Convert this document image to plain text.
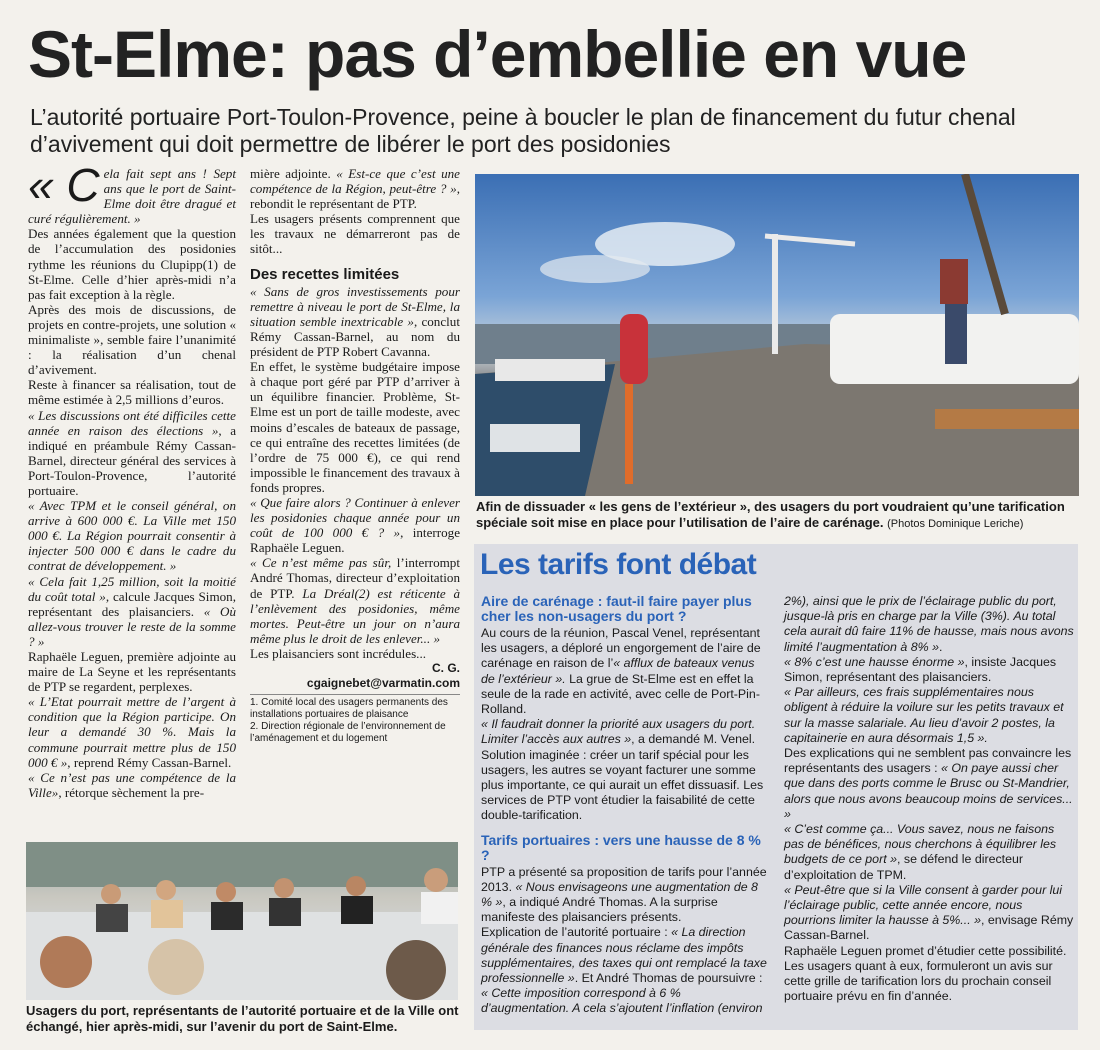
St-Elme: pas d’embellie en vue
L’autorité portuaire Port-Toulon-Provence, peine à boucler le plan de financement du futur chenal d’avivement qui doit permettre de libérer le port des posidonies

« C ela fait sept ans ! Sept ans que le port de Saint-Elme doit être dragué et curé régulièrement. »

Des années également que la question de l’accumulation des posidonies rythme les réunions du Clupipp(1) de St-Elme. Celle d’hier après-midi n’a pas fait exception à la règle.

Après des mois de discussions, de projets en contre-projets, une solution « minimaliste », semble faire l’unanimité : la réalisation d’un chenal d’avivement.

Reste à financer sa réalisation, tout de même estimée à 2,5 millions d’euros.

« Les discussions ont été difficiles cette année en raison des élections », a indiqué en préambule Rémy Cassan-Barnel, directeur général des services à Port-Toulon-Provence, l’autorité portuaire.

« Avec TPM et le conseil général, on arrive à 600 000 €. La Ville met 150 000 €. La Région pourrait consentir à injecter 500 000 € dans le cadre du contrat de développement. »

« Cela fait 1,25 million, soit la moitié du coût total », calcule Jacques Simon, représentant des plaisanciers. « Où allez-vous trouver le reste de la somme ? »

Raphaële Leguen, première adjointe au maire de La Seyne et les représentants de PTP se regardent, perplexes.

« L’Etat pourrait mettre de l’argent à condition que la Région participe. On leur a demandé 30 %. Mais la commune pourrait mettre plus de 150 000 € », reprend Rémy Cassan-Barnel.

« Ce n’est pas une compétence de la Ville», rétorque sèchement la pre-

mière adjointe. « Est-ce que c’est une compétence de la Région, peut-être ? », rebondit le représentant de PTP.

Les usagers présents comprennent que les travaux ne démarreront pas de sitôt...

Des recettes limitées

« Sans de gros investissements pour remettre à niveau le port de St-Elme, la situation semble inextricable », conclut Rémy Cassan-Barnel, au nom du président de PTP Robert Cavanna.

En effet, le système budgétaire impose à chaque port géré par PTP d’arriver à un équilibre financier. Problème, St-Elme est un port de taille modeste, avec moins d’escales de bateaux de passage, ce qui entraîne des recettes limitées (de l’ordre de 75 000 €), ce qui rend impossible le financement des travaux à fonds propres.

« Que faire alors ? Continuer à enlever les posidonies chaque année pour un coût de 100 000 € ? », interroge Raphaële Leguen.

« Ce n’est même pas sûr, l’interrompt André Thomas, directeur d’exploitation de PTP. La Dréal(2) est réticente à l’enlèvement des posidonies, même mortes. Peut-être un jour on n’aura même plus le droit de les enlever... »

Les plaisanciers sont incrédules...

C. G.
cgaignebet@varmatin.com
1. Comité local des usagers permanents des installations portuaires de plaisance
2. Direction régionale de l’environnement de l’aménagement et du logement
Afin de dissuader « les gens de l’extérieur », des usagers du port voudraient qu’une tarification spéciale soit mise en place pour l’utilisation de l’aire de carénage. (Photos Dominique Leriche)
Usagers du port, représentants de l’autorité portuaire et de la Ville ont échangé, hier après-midi, sur l’avenir du port de Saint-Elme.
Les tarifs font débat
Aire de carénage : faut-il faire payer plus cher les non-usagers du port ?

Au cours de la réunion, Pascal Venel, représentant les usagers, a déploré un engorgement de l’aire de carénage en raison de l’« afflux de bateaux venus de l’extérieur ». La grue de St-Elme est en effet la seule de la rade en activité, avec celle de Port-Pin-Rolland.

« Il faudrait donner la priorité aux usagers du port. Limiter l’accès aux autres », a demandé M. Venel.

Solution imaginée : créer un tarif spécial pour les usagers, les autres se voyant facturer une somme plus importante, ce qui aurait un effet dissuasif. Les services de PTP vont étudier la faisabilité de cette double-tarification.

Tarifs portuaires : vers une hausse de 8 % ?

PTP a présenté sa proposition de tarifs pour l’année 2013. « Nous envisageons une augmentation de 8 % », a indiqué André Thomas. A la surprise manifeste des plaisanciers présents.

Explication de l’autorité portuaire : « La direction générale des finances nous réclame des impôts supplémentaires, des taxes qui ont remplacé la taxe professionnelle ». Et André Thomas de poursuivre : « Cette imposition correspond à 6 % d’augmentation. A cela s’ajoutent l’inflation (environ

2%), ainsi que le prix de l’éclairage public du port, jusque-là pris en charge par la Ville (3%). Au total cela aurait dû faire 11% de hausse, mais nous avons limité l’augmentation à 8% ».

« 8% c’est une hausse énorme », insiste Jacques Simon, représentant des plaisanciers.

« Par ailleurs, ces frais supplémentaires nous obligent à réduire la voilure sur les petits travaux et sur la masse salariale. Au lieu d’avoir 2 postes, la capitainerie en aura désormais 1,5 ».

Des explications qui ne semblent pas convaincre les représentants des usagers : « On paye aussi cher que dans des ports comme le Brusc ou St-Mandrier, alors que nous avons beaucoup moins de services... »

« C’est comme ça... Vous savez, nous ne faisons pas de bénéfices, nous cherchons à équilibrer les budgets de ce port », se défend le directeur d’exploitation de TPM.

« Peut-être que si la Ville consent à garder pour lui l’éclairage public, cette année encore, nous pourrions limiter la hausse à 5%... », envisage Rémy Cassan-Barnel.

Raphaële Leguen promet d’étudier cette possibilité. Les usagers quant à eux, formuleront un avis sur cette grille de tarification lors du prochain conseil portuaire prévu en fin d’année.
